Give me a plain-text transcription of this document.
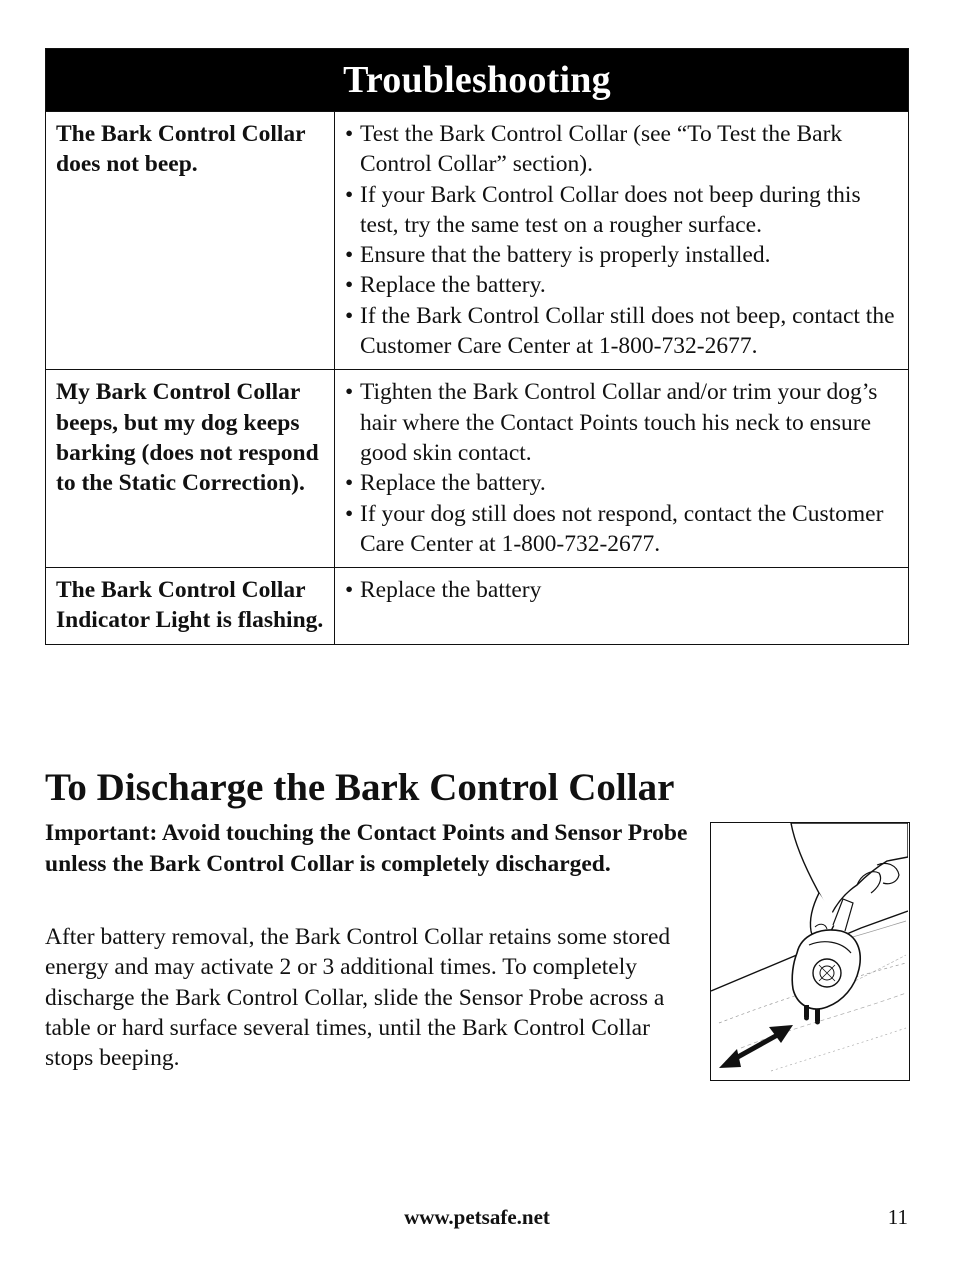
Troubleshooting
The Bark Control Collar does not beep.
• Test the Bark Control Collar (see “To Test the Bark Control Collar” section).
• If your Bark Control Collar does not beep during this test, try the same test on a rougher surface.
• Ensure that the battery is properly installed.
• Replace the battery.
• If the Bark Control Collar still does not beep, contact the Customer Care Center at 1-800-732-2677.
My Bark Control Collar beeps, but my dog keeps barking (does not respond to the Static Correction).
• Tighten the Bark Control Collar and/or trim your dog’s hair where the Contact Points touch his neck to ensure good skin contact.
• Replace the battery.
• If your dog still does not respond, contact the Customer Care Center at 1-800-732-2677.
The Bark Control Collar Indicator Light is flashing.
• Replace the battery
To Discharge the Bark Control Collar

Important: Avoid touching the Contact Points and Sensor Probe unless the Bark Control Collar is completely discharged.

After battery removal, the Bark Control Collar retains some stored energy and may activate 2 or 3 additional times. To completely discharge the Bark Control Collar, slide the Sensor Probe across a table or hard surface several times, until the Bark Control Collar stops beeping.

www.petsafe.net	11
